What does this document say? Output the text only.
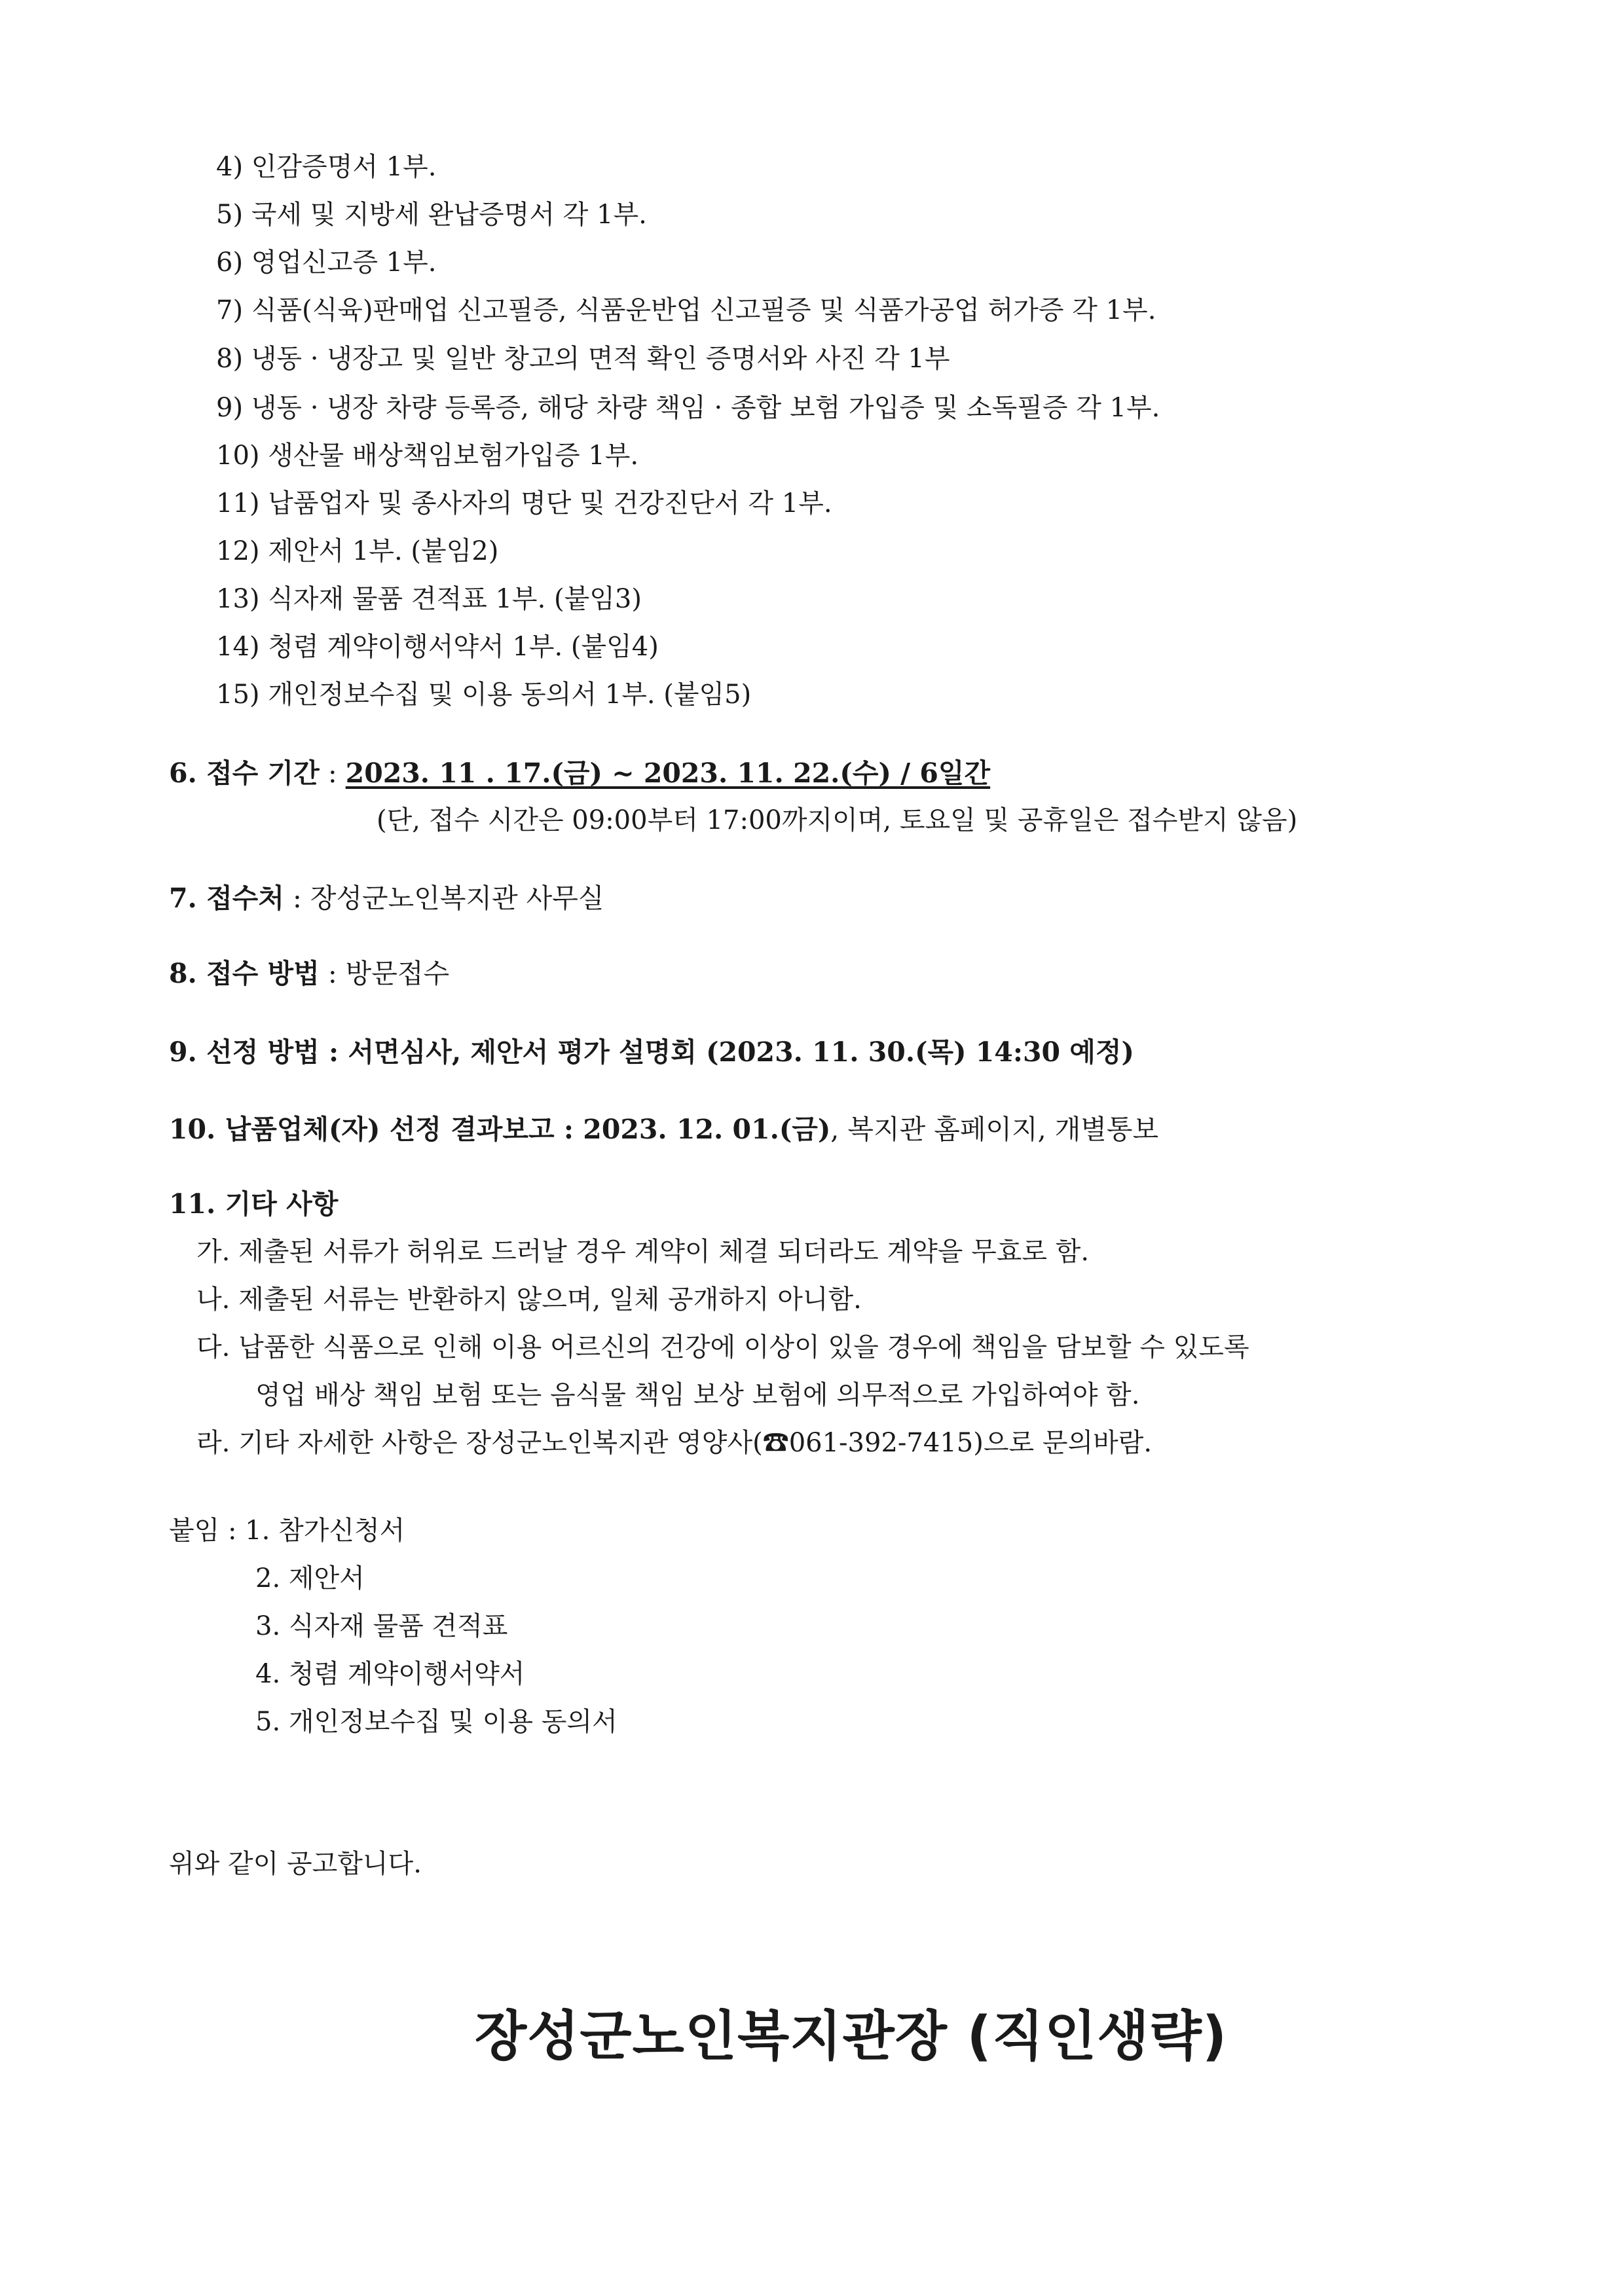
4) 인감증명서 1부.
5) 국세 및 지방세 완납증명서 각 1부.
6) 영업신고증 1부.
7) 식품(식육)판매업 신고필증, 식품운반업 신고필증 및 식품가공업 허가증 각 1부.
8) 냉동 · 냉장고 및 일반 창고의 면적 확인 증명서와 사진 각 1부
9) 냉동 · 냉장 차량 등록증, 해당 차량 책임 · 종합 보험 가입증 및 소독필증 각 1부.
10) 생산물 배상책임보험가입증 1부.
11) 납품업자 및 종사자의 명단 및 건강진단서 각 1부.
12) 제안서 1부. (붙임2)
13) 식자재 물품 견적표 1부. (붙임3)
14) 청렴 계약이행서약서 1부. (붙임4)
15) 개인정보수집 및 이용 동의서 1부. (붙임5)
6. 접수 기간 : 2023. 11 . 17.(금) ~ 2023. 11. 22.(수) / 6일간
(단, 접수 시간은 09:00부터 17:00까지이며, 토요일 및 공휴일은 접수받지 않음)
7. 접수처 : 장성군노인복지관 사무실
8. 접수 방법 : 방문접수
9. 선정 방법 : 서면심사, 제안서 평가 설명회 (2023. 11. 30.(목) 14:30 예정)
10. 납품업체(자) 선정 결과보고 : 2023. 12. 01.(금), 복지관 홈페이지, 개별통보
11. 기타 사항
가. 제출된 서류가 허위로 드러날 경우 계약이 체결 되더라도 계약을 무효로 함.
나. 제출된 서류는 반환하지 않으며, 일체 공개하지 아니함.
다. 납품한 식품으로 인해 이용 어르신의 건강에 이상이 있을 경우에 책임을 담보할 수 있도록
영업 배상 책임 보험 또는 음식물 책임 보상 보험에 의무적으로 가입하여야 함.
라. 기타 자세한 사항은 장성군노인복지관 영양사(☎061-392-7415)으로 문의바람.
붙임 : 1. 참가신청서
2. 제안서
3. 식자재 물품 견적표
4. 청렴 계약이행서약서
5. 개인정보수집 및 이용 동의서
위와 같이 공고합니다.
장성군노인복지관장 (직인생략)
